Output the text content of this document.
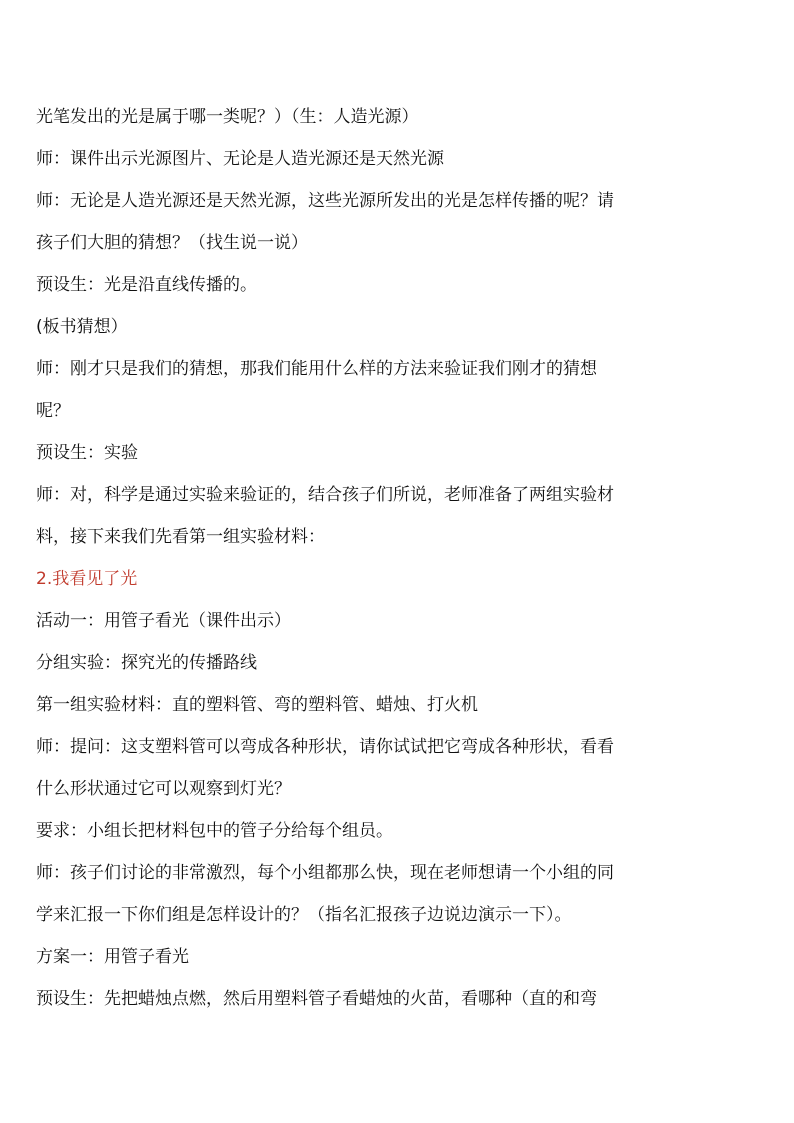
光笔发出的光是属于哪一类呢？）（生：人造光源）
师：课件出示光源图片、无论是人造光源还是天然光源
师：无论是人造光源还是天然光源，这些光源所发出的光是怎样传播的呢？请
孩子们大胆的猜想？（找生说一说）
预设生：光是沿直线传播的。
(板书猜想）
师：刚才只是我们的猜想，那我们能用什么样的方法来验证我们刚才的猜想
呢？
预设生：实验
师：对，科学是通过实验来验证的，结合孩子们所说，老师准备了两组实验材
料，接下来我们先看第一组实验材料：
2.我看见了光
活动一：用管子看光（课件出示）
分组实验：探究光的传播路线
第一组实验材料：直的塑料管、弯的塑料管、蜡烛、打火机
师：提问：这支塑料管可以弯成各种形状，请你试试把它弯成各种形状，看看
什么形状通过它可以观察到灯光？
要求：小组长把材料包中的管子分给每个组员。
师：孩子们讨论的非常激烈，每个小组都那么快，现在老师想请一个小组的同
学来汇报一下你们组是怎样设计的？（指名汇报孩子边说边演示一下）。
方案一：用管子看光
预设生：先把蜡烛点燃，然后用塑料管子看蜡烛的火苗，看哪种（直的和弯
